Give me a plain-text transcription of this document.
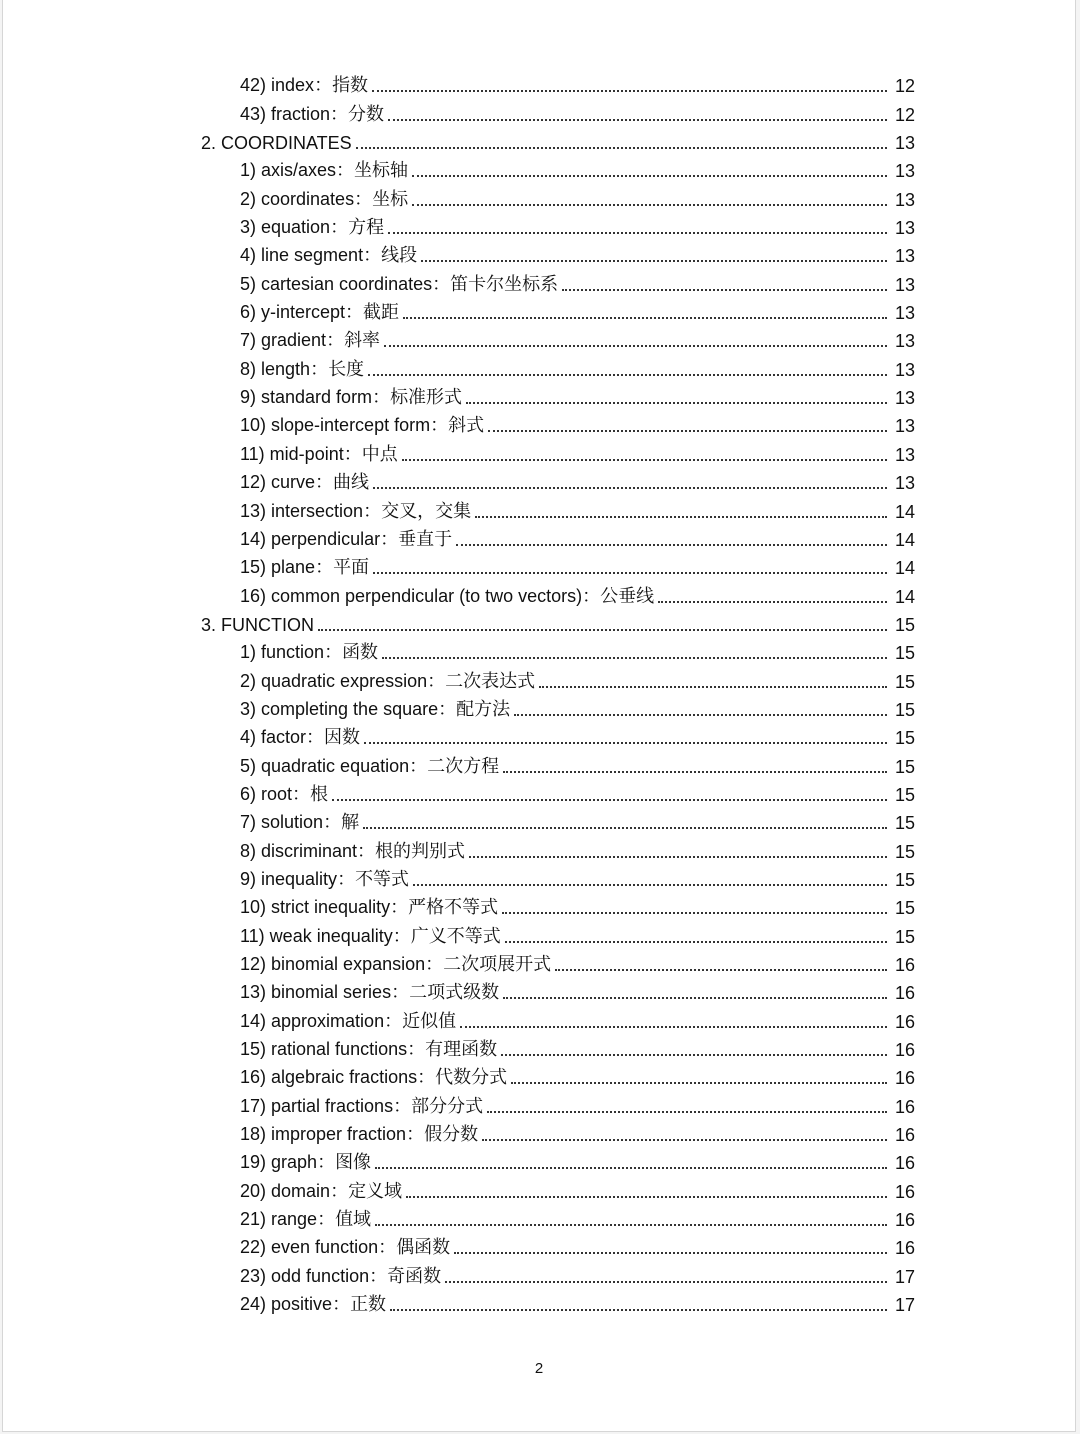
42) index：指数	12
43) fraction：分数	12
2. COORDINATES	13
1) axis/axes：坐标轴	13
2) coordinates：坐标	13
3) equation：方程	13
4) line segment：线段	13
5) cartesian coordinates：笛卡尔坐标系	13
6) y-intercept：截距	13
7) gradient：斜率	13
8) length：长度	13
9) standard form：标准形式	13
10) slope-intercept form：斜式	13
11) mid-point：中点	13
12) curve：曲线	13
13) intersection：交叉，交集	14
14) perpendicular：垂直于	14
15) plane：平面	14
16) common perpendicular (to two vectors)：公垂线	14
3. FUNCTION	15
1) function：函数	15
2) quadratic expression：二次表达式	15
3) completing the square：配方法	15
4) factor：因数	15
5) quadratic equation：二次方程	15
6) root：根	15
7) solution：解	15
8) discriminant：根的判别式	15
9) inequality：不等式	15
10) strict inequality：严格不等式	15
11) weak inequality：广义不等式	15
12) binomial expansion：二次项展开式	16
13) binomial series：二项式级数	16
14) approximation：近似值	16
15) rational functions：有理函数	16
16) algebraic fractions：代数分式	16
17) partial fractions：部分分式	16
18) improper fraction：假分数	16
19) graph：图像	16
20) domain：定义域	16
21) range：值域	16
22) even function：偶函数	16
23) odd function：奇函数	17
24) positive：正数	17
2
